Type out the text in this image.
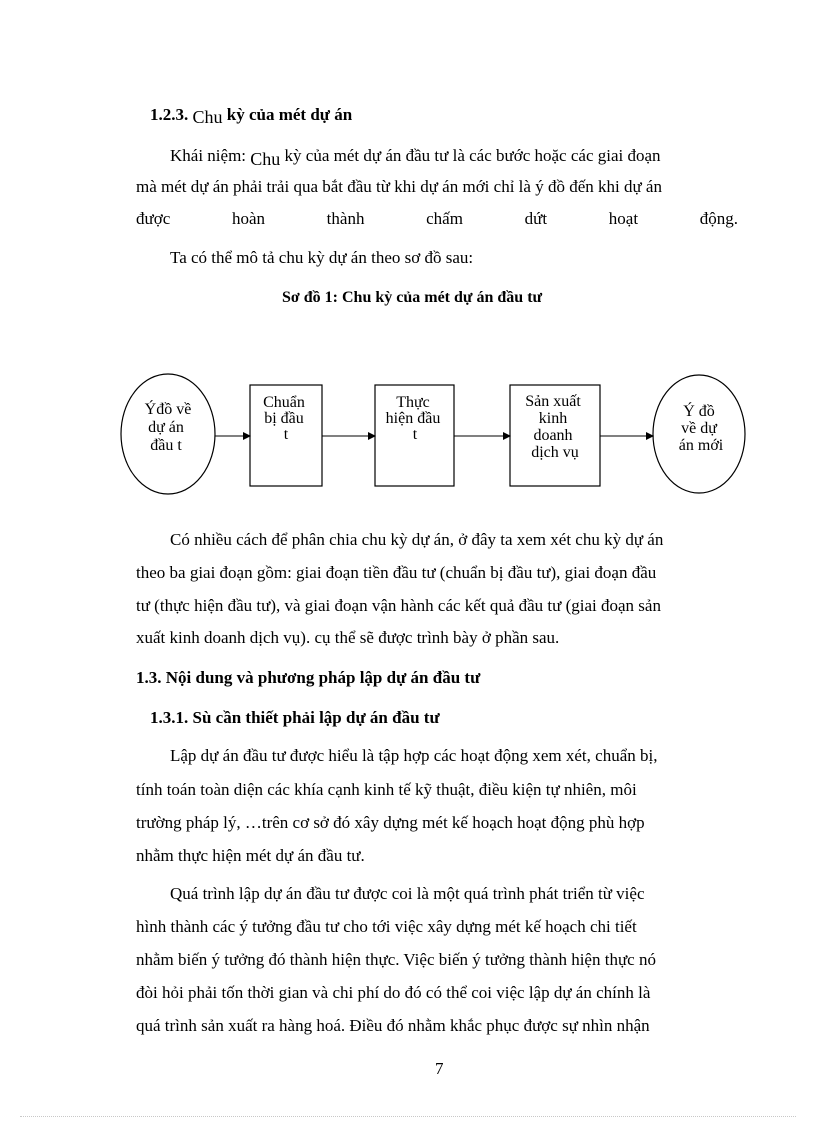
1.2.3. Chu kỳ của mét dự án
Khái niệm: Chu kỳ của mét dự án đầu tư là các bước hoặc các giai đoạn
mà mét dự án phải trải qua bắt đầu từ khi dự án mới chỉ là ý đồ đến khi dự án
được	hoàn	thành	chấm	dứt	hoạt	động.
Ta có thể mô tả chu kỳ dự án theo sơ đồ sau:
Sơ đồ 1: Chu kỳ của mét dự án đầu tư
Ýđồ về dự án đầu t
Chuẩn bị đầu t
Thực hiện đầu t
Sản xuất kinh doanh dịch vụ
Ý đồ về dự án mới
Có nhiều cách để phân chia chu kỳ dự án, ở đây ta xem xét chu kỳ dự án
theo ba giai đoạn gồm: giai đoạn tiền đầu tư (chuẩn bị đầu tư), giai đoạn đầu
tư (thực hiện đầu tư), và giai đoạn vận hành các kết quả đầu tư (giai đoạn sản
xuất kinh doanh dịch vụ). cụ thể sẽ được trình bày ở phần sau.
1.3. Nội dung và phương pháp lập dự án đầu tư
1.3.1. Sù cần thiết phải lập dự án đầu tư
Lập dự án đầu tư được hiểu là tập hợp các hoạt động xem xét, chuẩn bị,
tính toán toàn diện các khía cạnh kinh tế kỹ thuật, điều kiện tự nhiên, môi
trường pháp lý, …trên cơ sở đó xây dựng mét kế hoạch hoạt động phù hợp
nhằm thực hiện mét dự án đầu tư.
Quá trình lập dự án đầu tư được coi là một quá trình phát triển từ việc
hình thành các ý tưởng đầu tư cho tới việc xây dựng mét kế hoạch chi tiết
nhằm biến ý tưởng đó thành hiện thực. Việc biến ý tưởng thành hiện thực nó
đòi hỏi phải tốn thời gian và chi phí do đó có thể coi việc lập dự án chính là
quá trình sản xuất ra hàng hoá. Điều đó nhằm khắc phục được sự nhìn nhận
7
